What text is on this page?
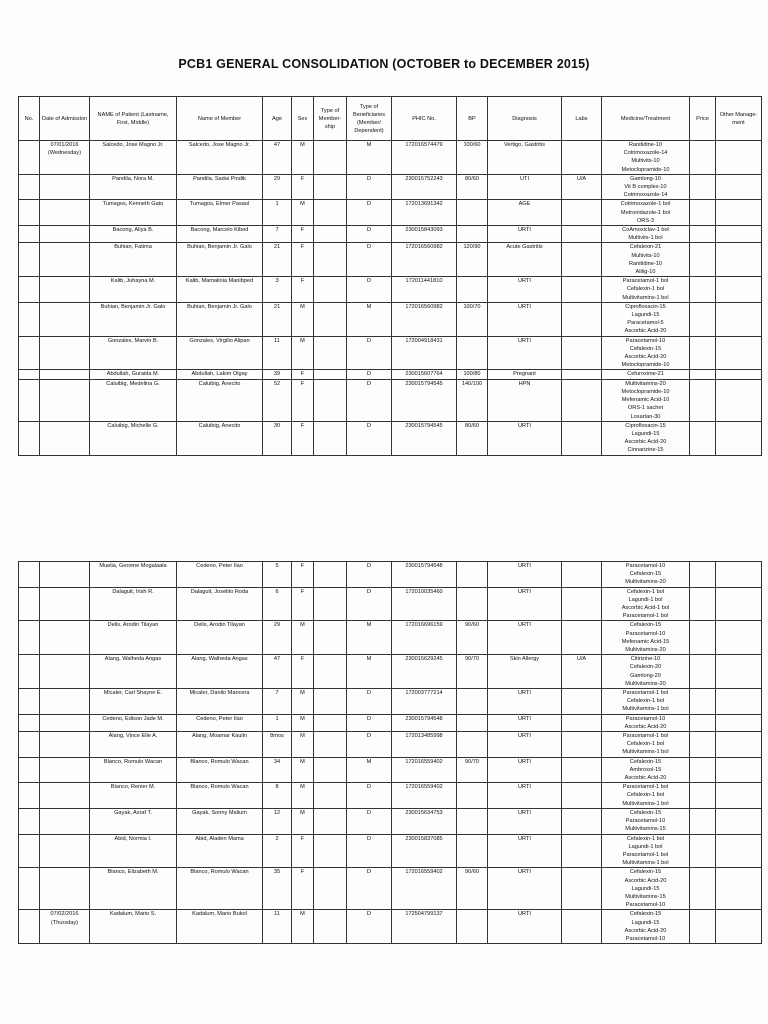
PCB1 GENERAL CONSOLIDATION (OCTOBER to DECEMBER 2015)
No.	Date of Admission	NAME of Patient (Lastname, First, Middle)	Name of Member	Age	Sex	Type of Member-ship	Type of Beneficiaries (Member/ Dependent)	PHIC No.	BP	Diagnosis	Labs	Medicine/Treatment	Price	Other Manage-ment

	07/01/2016
(Wednesday)	Salcedo, Jose Magno Jr.	Salcedo, Jose Magno Jr.	47	M		M	172016574479	100/60	Vertigo, Gastritis		Ranitidine-10
Cotrimoxazole-14
Multivits-10
Metoclopramide-10		

		Pandila, Nora M.	Pandila, Sadai Pindik	29	F		D	230015752243	80/60	UTI	U/A	Gamlong-10
Vit B complex-10
Cotrimoxazole-14		

		Tumagos, Kenneth Gato	Tumagos, Elmer Pasaol	1	M		D	172013691342		AGE		Cotrimoxazole-1 bol
Metronidazole-1 bol
ORS-3		

		Bacong, Aliya B.	Bacong, Marcelo Kibed	7	F		D	230015843093		URTI		CoAmoxiclav-1 bol
Multivits-1 bol		

		Buhian, Fatima	Buhian, Benjamin Jr. Galo	21	F		D	172016560982	120/90	Acute Gastritis		Cefalexin-21
Multivits-10
Ranitidine-10
Alilig-10		

		Kalib, Juhayna M.	Kalib, Mamalinia Manibped	3	F		D	172011441810		URTI		Paracetamol-1 bol
Cefalexin-1 bol
Multivitamins-1 bol		

		Buhian, Benjamin Jr. Galo	Buhian, Benjamin Jr. Galo	21	M		M	172016560982	100/70	URTI		Ciprofloxacin-15
Lagundi-15
Paracetamol-5
Ascorbic Acid-20		

		Gonzales, Marvin B.	Gonzales, Virgilio Alipan	11	M		D	172004918431		URTI		Paracetamol-10
Cefalexin-15
Ascorbic Acid-20
Metoclopramide-10		

		Abdullah, Guraida M.	Abdullah, Lakim Olgay	39	F		D	230015607764	100/80	Pregnant		Cefuroxime-21		

		Caluibig, Medelina G.	Caluibig, Anecito	52	F		D	230015794545	140/100	HPN		Multivitamins-20
Metoclopramide-10
Mefenamic Acid-10
ORS-1 sachet
Losartan-30		

		Caluibig, Michelle G.	Caluibig, Anecito	30	F		D	230015794545	80/60	URTI		Ciprofloxacin-15
Lagundi-15
Ascorbic Acid-20
Cinnarizine-15		

		Muelia, Gerome Mogalaala	Cedeno, Peter Ilao	5	F		D	230015794548		URTI		Paracetamol-10
Cefalexin-15
Multivitamins-20		

		Dalaguit, Irish R.	Dalaguit, Joselito Roda	6	F		D	172010035460		URTI		Cefalexin-1 bol
Lagundi-1 bol
Ascorbic Acid-1 bol
Paracetamol-1 bol		

		Delis, Arodin Tilayan	Delis, Arodin Tilayan	29	M		M	172016696159	90/60	URTI		Cefalexin-15
Paracetamol-10
Mefenamic Acid-15
Multivitamins-20		

		Alang, Walheda Angas	Alang, Walheda Angas	47	F		M	230015629245	90/70	Skin Allergy	U/A	Citirizine-10
Cefalexin-20
Gamlong-20
Multivitamins-20		

		Micaler, Carl Shayne E.	Micaler, Danilo Mancera	7	M		D	172003777214		URTI		Paracetamol-1 bol
Cefalexin-1 bol
Multivitamins-1 bol		

		Cedeno, Edison Jade M.	Cedeno, Peter Ilao	1	M		D	230015794548		URTI		Paracetamol-10
Ascorbic Acid-20		

		Alang, Vince Elle A.	Alang, Moamar Kaulin	8mos	M		D	172013485998		URTI		Paracetamol-1 bol
Cefalexin-1 bol
Multivitamins-1 bol		

		Blanco, Romulo Wacan	Blanco, Romulo Wacan	34	M		M	172016559402	90/70	URTI		Cefalexin-15
Ambroxol-15
Ascorbic Acid-20		

		Blanco, Renier M.	Blanco, Romulo Wacan	8	M		D	172016559402		URTI		Paracetamol-1 bol
Cefalexin-1 bol
Multivitamins-1 bol		

		Gayak, Asraf T.	Gayak, Sonny Malium	12	M		D	230015634753		URTI		Cefalexin-15
Paracetamol-10
Multivitamins-15		

		Abid, Normia I.	Abid, Aladen Mama	2	F		D	230015837085		URTI		Cefalexin-1 bol
Lagundi-1 bol
Paracetamol-1 bol
Multivitamins-1 bol		

		Blanco, Elizabeth M.	Blanco, Romulo Wacan	35	F		D	172016559402	90/60	URTI		Cefalexin-15
Ascorbic Acid-20
Lagundi-15
Multivitamins-15
Paracetamol-10		

	07/02/2016
(Thursday)	Kadalum, Mario S.	Kadalum, Mario Bukol	11	M		D	172504799137		URTI		Cefalexin-15
Lagundi-15
Ascorbic Acid-20
Paracetamol-10		
